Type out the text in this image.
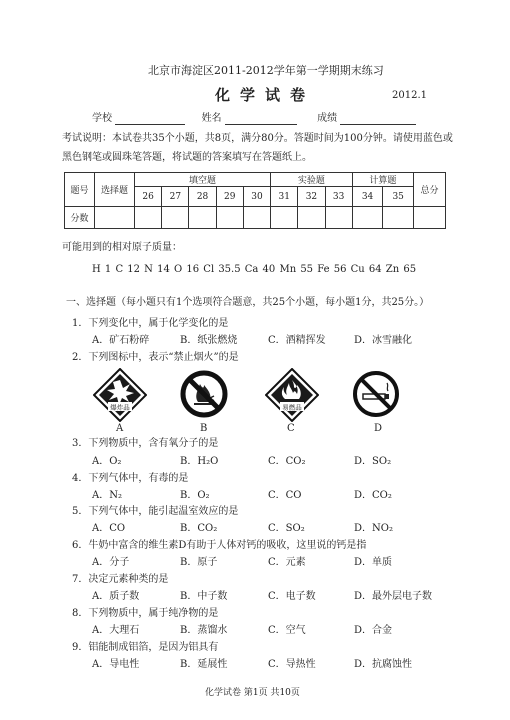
北京市海淀区2011-2012学年第一学期期末练习
化学试卷	2012.1
学校	姓名	成绩
考试说明：本试卷共35个小题，共8页，满分80分。答题时间为100分钟。请使用蓝色或
黑色钢笔或圆珠笔答题，将试题的答案填写在答题纸上。
题号	选择题	填空题					实验题			计算题		总分
		26	27	28	29	30	31	32	33	34	35	
分数												
可能用到的相对原子质量：
H 1 C 12 N 14 O 16 Cl 35.5 Ca 40 Mn 55 Fe 56 Cu 64 Zn 65
一、选择题（每小题只有1个选项符合题意，共25个小题，每小题1分，共25分。）
1．下列变化中，属于化学变化的是
A．矿石粉碎	B．纸张燃烧	C．酒精挥发	D．冰雪融化
2．下列图标中，表示“禁止烟火”的是
爆炸品	易燃品
A	B	C	D
3．下列物质中，含有氧分子的是
A．O₂	B．H₂O	C．CO₂	D．SO₂
4．下列气体中，有毒的是
A．N₂	B．O₂	C．CO	D．CO₂
5．下列气体中，能引起温室效应的是
A．CO	B．CO₂	C．SO₂	D．NO₂
6．牛奶中富含的维生素D有助于人体对钙的吸收，这里说的钙是指
A．分子	B．原子	C．元素	D．单质
7．决定元素种类的是
A．质子数	B．中子数	C．电子数	D．最外层电子数
8．下列物质中，属于纯净物的是
A．大理石	B．蒸馏水	C．空气	D．合金
9．铝能制成铝箔，是因为铝具有
A．导电性	B．延展性	C．导热性	D．抗腐蚀性
化学试卷 第1页 共10页
